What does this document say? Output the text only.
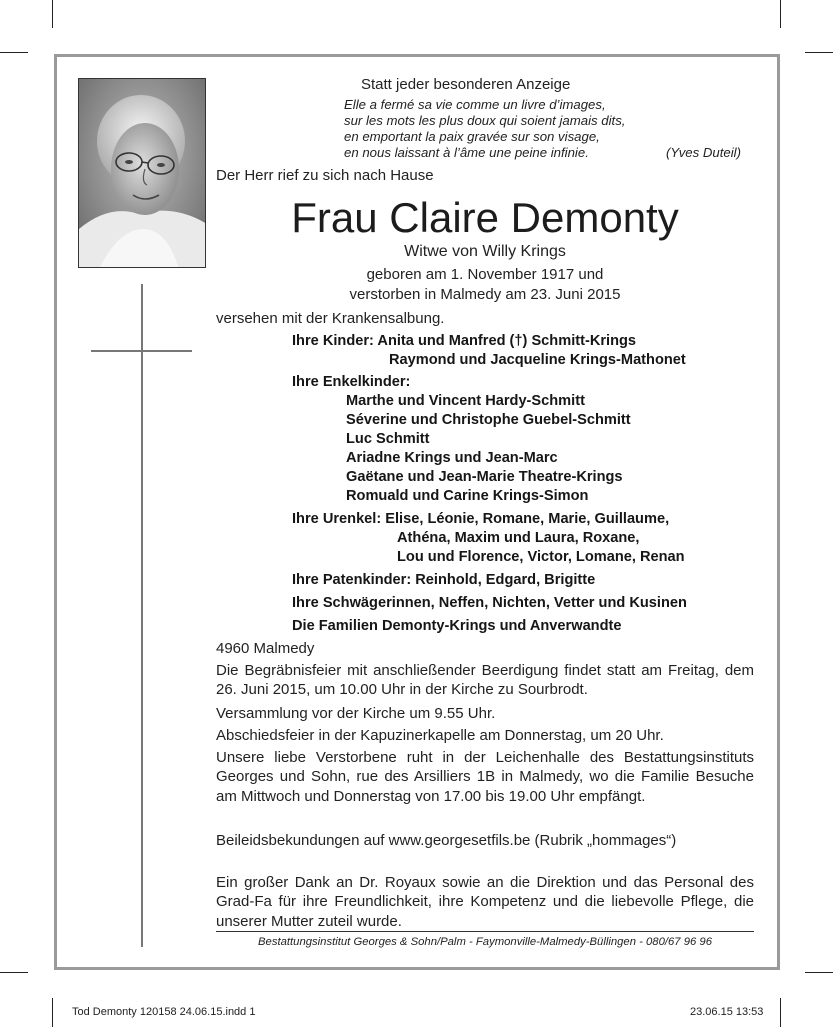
Statt jeder besonderen Anzeige
Elle a fermé sa vie comme un livre d’images,
sur les mots les plus doux qui soient jamais dits,
en emportant la paix gravée sur son visage,
en nous laissant à l’âme une peine infinie.	(Yves Duteil)
Der Herr rief zu sich nach Hause
Frau Claire Demonty
Witwe von Willy Krings
geboren am 1. November 1917 und
verstorben in Malmedy am 23. Juni 2015
versehen mit der Krankensalbung.
Ihre Kinder: Anita und Manfred (†) Schmitt-Krings
Raymond und Jacqueline Krings-Mathonet
Ihre Enkelkinder:
Marthe und Vincent Hardy-Schmitt
Séverine und Christophe Guebel-Schmitt
Luc Schmitt
Ariadne Krings und Jean-Marc
Gaëtane und Jean-Marie Theatre-Krings
Romuald und Carine Krings-Simon
Ihre Urenkel: Elise, Léonie, Romane, Marie, Guillaume,
Athéna, Maxim und Laura, Roxane,
Lou und Florence, Victor, Lomane, Renan
Ihre Patenkinder: Reinhold, Edgard, Brigitte
Ihre Schwägerinnen, Neffen, Nichten, Vetter und Kusinen
Die Familien Demonty-Krings und Anverwandte
4960 Malmedy
Die Begräbnisfeier mit anschließender Beerdigung findet statt am Freitag, dem 26. Juni 2015, um 10.00 Uhr in der Kirche zu Sourbrodt.
Versammlung vor der Kirche um 9.55 Uhr.
Abschiedsfeier in der Kapuzinerkapelle am Donnerstag, um 20 Uhr.
Unsere liebe Verstorbene ruht in der Leichenhalle des Bestattungsinstituts Georges und Sohn, rue des Arsilliers 1B in Malmedy, wo die Familie Besuche am Mittwoch und Donnerstag von 17.00 bis 19.00 Uhr empfängt.
Beileidsbekundungen auf www.georgesetfils.be (Rubrik „hommages“)
Ein großer Dank an Dr. Royaux sowie an die Direktion und das Personal des Grad-Fa für ihre Freundlichkeit, ihre Kompetenz und die liebevolle Pflege, die unserer Mutter zuteil wurde.
Bestattungsinstitut Georges & Sohn/Palm - Faymonville-Malmedy-Büllingen - 080/67 96 96
Tod Demonty 120158 24.06.15.indd 1	23.06.15 13:53
